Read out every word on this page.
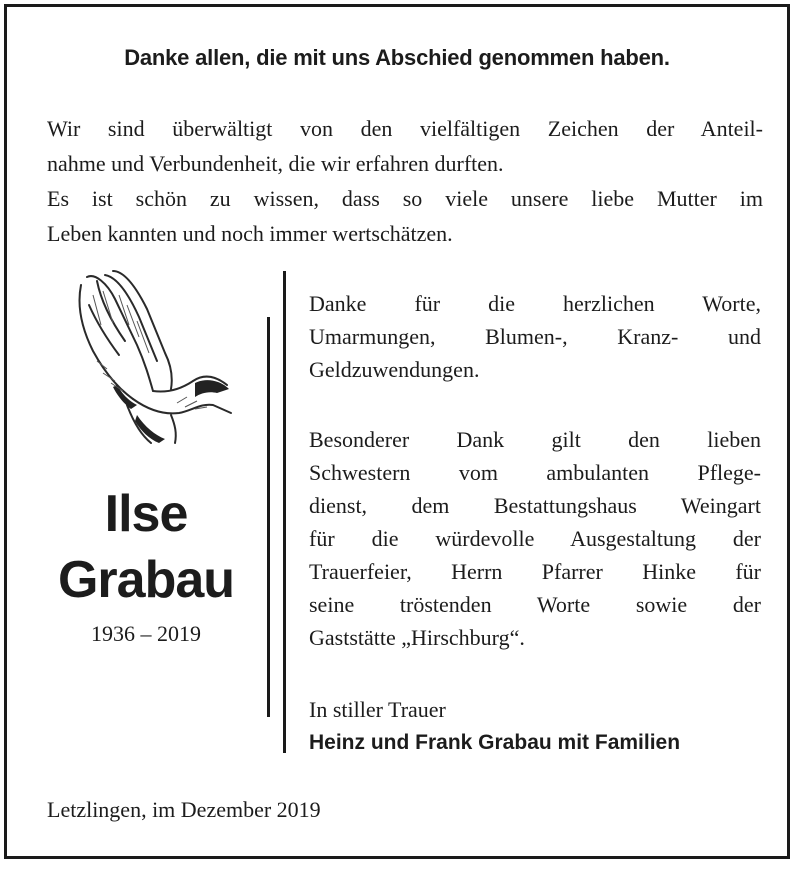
Danke allen, die mit uns Abschied genommen haben.
Wir sind überwältigt von den vielfältigen Zeichen der Anteil-
nahme und Verbundenheit, die wir erfahren durften.
Es ist schön zu wissen, dass so viele unsere liebe Mutter im
Leben kannten und noch immer wertschätzen.
Ilse
Grabau
1936 – 2019
Danke für die herzlichen Worte,
Umarmungen, Blumen-, Kranz- und
Geldzuwendungen.
Besonderer Dank gilt den lieben
Schwestern vom ambulanten Pflege-
dienst, dem Bestattungshaus Weingart
für die würdevolle Ausgestaltung der
Trauerfeier, Herrn Pfarrer Hinke für
seine tröstenden Worte sowie der
Gaststätte „Hirschburg“.
In stiller Trauer
Heinz und Frank Grabau mit Familien
Letzlingen, im Dezember 2019
